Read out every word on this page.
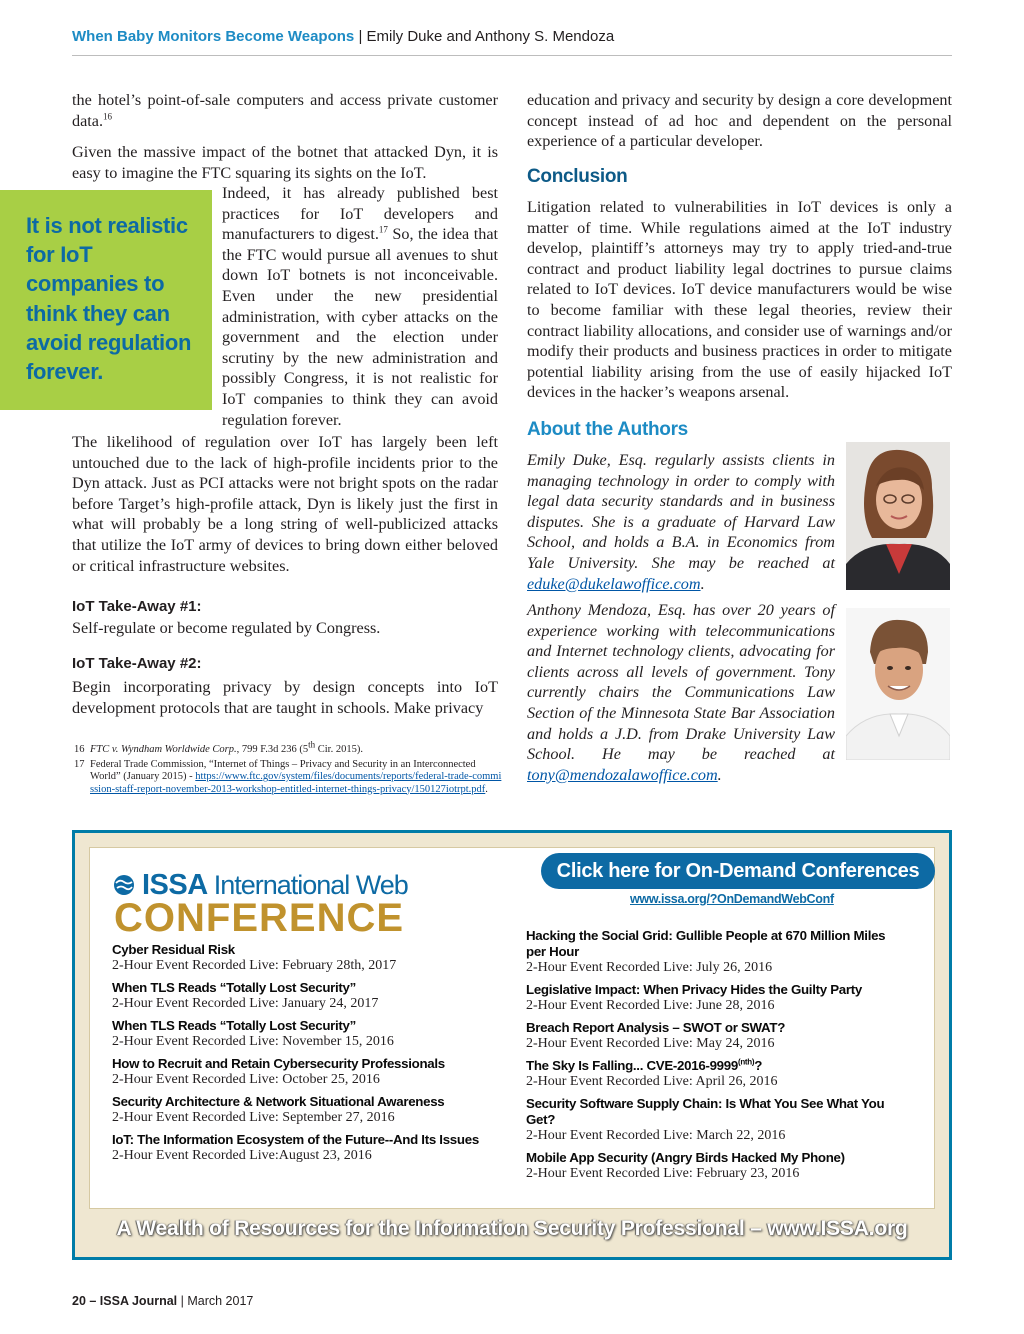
When Baby Monitors Become Weapons | Emily Duke and Anthony S. Mendoza
It is not realistic for IoT companies to think they can avoid regulation forever.

the hotel’s point-of-sale computers and access private customer data.$^{16}$

Given the massive impact of the botnet that attacked Dyn, it is easy to imagine the FTC squaring its sights on the IoT.

Indeed, it has already published best practices for IoT developers and manufacturers to digest.$^{17}$ So, the idea that the FTC would pursue all avenues to shut down IoT botnets is not inconceivable. Even under the new presidential administration, with cyber attacks on the government and the election under scrutiny by the new administration and possibly Congress, it is not realistic for IoT companies to think they can avoid regulation forever.

The likelihood of regulation over IoT has largely been left untouched due to the lack of high-profile incidents prior to the Dyn attack. Just as PCI attacks were not bright spots on the radar before Target’s high-profile attack, Dyn is likely just the first in what will probably be a long string of well-publicized attacks that utilize the IoT army of devices to bring down either beloved or critical infrastructure websites.

IoT Take-Away #1:

Self-regulate or become regulated by Congress.

IoT Take-Away #2:

Begin incorporating privacy by design concepts into IoT development protocols that are taught in schools. Make privacy

16 FTC v. Wyndham Worldwide Corp., 799 F.3d 236 (5th Cir. 2015).
17 Federal Trade Commission, “Internet of Things – Privacy and Security in an Interconnected World” (January 2015) - https://www.ftc.gov/system/files/documents/reports/federal-trade-commission-staff-report-november-2013-workshop-entitled-internet-things-privacy/150127iotrpt.pdf.

education and privacy and security by design a core development concept instead of ad hoc and dependent on the personal experience of a particular developer.

Conclusion

Litigation related to vulnerabilities in IoT devices is only a matter of time. While regulations aimed at the IoT industry develop, plaintiff’s attorneys may try to apply tried-and-true contract and product liability legal doctrines to pursue claims related to IoT devices. IoT device manufacturers would be wise to become familiar with these legal theories, review their contract liability allocations, and consider use of warnings and/or modify their products and business practices in order to mitigate potential liability arising from the use of easily hijacked IoT devices in the hacker’s weapons arsenal.

About the Authors

Emily Duke, Esq. regularly assists clients in managing technology in order to comply with legal data security standards and in business disputes. She is a graduate of Harvard Law School, and holds a B.A. in Economics from Yale University. She may be reached at eduke@dukelawoffice.com.

Anthony Mendoza, Esq. has over 20 years of experience working with telecommunications and Internet technology clients, advocating for clients across all levels of government. Tony currently chairs the Communications Law Section of the Minnesota State Bar Association and holds a J.D. from Drake University Law School. He may be reached at tony@mendozalawoffice.com.

ISSA International Web
CONFERENCE
Click here for On-Demand Conferences
www.issa.org/?OnDemandWebConf
Cyber Residual Risk
2-Hour Event Recorded Live: February 28th, 2017
When TLS Reads “Totally Lost Security”
2-Hour Event Recorded Live: January 24, 2017
When TLS Reads “Totally Lost Security”
2-Hour Event Recorded Live: November 15, 2016
How to Recruit and Retain Cybersecurity Professionals
2-Hour Event Recorded Live: October 25, 2016
Security Architecture & Network Situational Awareness
2-Hour Event Recorded Live: September 27, 2016
IoT: The Information Ecosystem of the Future--And Its Issues
2-Hour Event Recorded Live:August 23, 2016
Hacking the Social Grid: Gullible People at 670 Million Miles per Hour
2-Hour Event Recorded Live: July 26, 2016
Legislative Impact: When Privacy Hides the Guilty Party
2-Hour Event Recorded Live: June 28, 2016
Breach Report Analysis – SWOT or SWAT?
2-Hour Event Recorded Live: May 24, 2016
The Sky Is Falling... CVE-$2016-9999^{(nth)}$?
2-Hour Event Recorded Live: April 26, 2016
Security Software Supply Chain: Is What You See What You Get?
2-Hour Event Recorded Live: March 22, 2016
Mobile App Security (Angry Birds Hacked My Phone)
2-Hour Event Recorded Live: February 23, 2016
A Wealth of Resources for the Information Security Professional – www.ISSA.org
20 – ISSA Journal | March 2017
